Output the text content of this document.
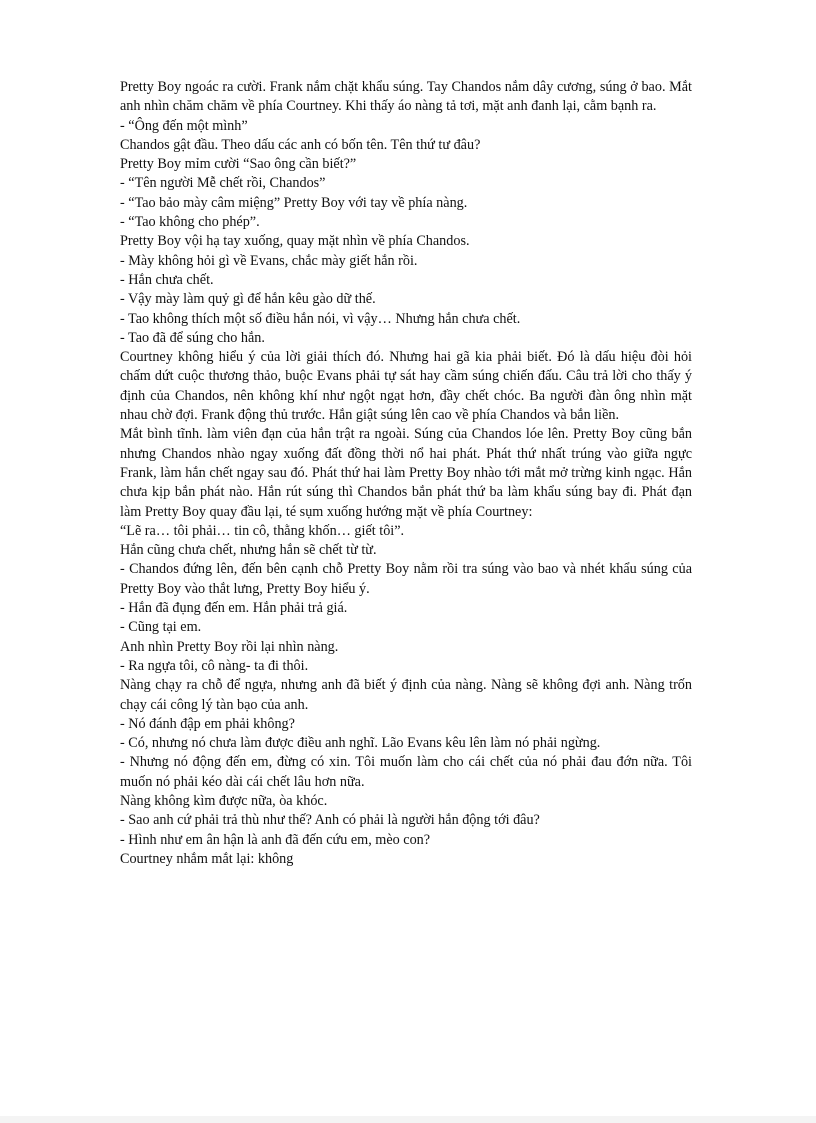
Pretty Boy ngoác ra cười. Frank nắm chặt khẩu súng. Tay Chandos nắm dây cương, súng ở bao. Mắt anh nhìn chăm chăm về phía Courtney. Khi thấy áo nàng tả tơi, mặt anh đanh lại, cằm bạnh ra.

- “Ông đến một mình”

Chandos gật đầu. Theo dấu các anh có bốn tên. Tên thứ tư đâu?

Pretty Boy mỉm cười “Sao ông cần biết?”

- “Tên người Mễ chết rồi, Chandos”

- “Tao bảo mày câm miệng” Pretty Boy với tay về phía nàng.

- “Tao không cho phép”.

Pretty Boy vội hạ tay xuống, quay mặt nhìn về phía Chandos.

- Mày không hỏi gì về Evans, chắc mày giết hắn rồi.

- Hắn chưa chết.

- Vậy mày làm quỷ gì để hắn kêu gào dữ thế.

- Tao không thích một số điều hắn nói, vì vậy… Nhưng hắn chưa chết.

- Tao đã để súng cho hắn.

Courtney không hiểu ý của lời giải thích đó. Nhưng hai gã kia phải biết. Đó là dấu hiệu đòi hỏi chấm dứt cuộc thương thảo, buộc Evans phải tự sát hay cầm súng chiến đấu. Câu trả lời cho thấy ý định của Chandos, nên không khí như ngột ngạt hơn, đầy chết chóc. Ba người đàn ông nhìn mặt nhau chờ đợi. Frank động thủ trước. Hắn giật súng lên cao về phía Chandos và bắn liền.

Mắt bình tĩnh. làm viên đạn của hắn trật ra ngoài. Súng của Chandos lóe lên. Pretty Boy cũng bắn nhưng Chandos nhào ngay xuống đất đồng thời nổ hai phát. Phát thứ nhất trúng vào giữa ngực Frank, làm hắn chết ngay sau đó. Phát thứ hai làm Pretty Boy nhào tới mắt mở trừng kinh ngạc. Hắn chưa kịp bắn phát nào. Hắn rút súng thì Chandos bắn phát thứ ba làm khẩu súng bay đi. Phát đạn làm Pretty Boy quay đầu lại, té sụm xuống hướng mặt về phía Courtney:

“Lẽ ra… tôi phải… tin cô, thằng khốn… giết tôi”.

Hắn cũng chưa chết, nhưng hắn sẽ chết từ từ.

- Chandos đứng lên, đến bên cạnh chỗ Pretty Boy nằm rồi tra súng vào bao và nhét khẩu súng của Pretty Boy vào thắt lưng, Pretty Boy hiểu ý.

- Hắn đã đụng đến em. Hắn phải trả giá.

- Cũng tại em.

Anh nhìn Pretty Boy rồi lại nhìn nàng.

- Ra ngựa tôi, cô nàng- ta đi thôi.

Nàng chạy ra chỗ để ngựa, nhưng anh đã biết ý định của nàng. Nàng sẽ không đợi anh. Nàng trốn chạy cái công lý tàn bạo của anh.

- Nó đánh đập em phải không?

- Có, nhưng nó chưa làm được điều anh nghĩ. Lão Evans kêu lên làm nó phải ngừng.

- Nhưng nó động đến em, đừng có xin. Tôi muốn làm cho cái chết của nó phải đau đớn nữa. Tôi muốn nó phải kéo dài cái chết lâu hơn nữa.

Nàng không kìm được nữa, òa khóc.

- Sao anh cứ phải trả thù như thế? Anh có phải là người hắn động tới đâu?

- Hình như em ân hận là anh đã đến cứu em, mèo con?

Courtney nhắm mắt lại: không
